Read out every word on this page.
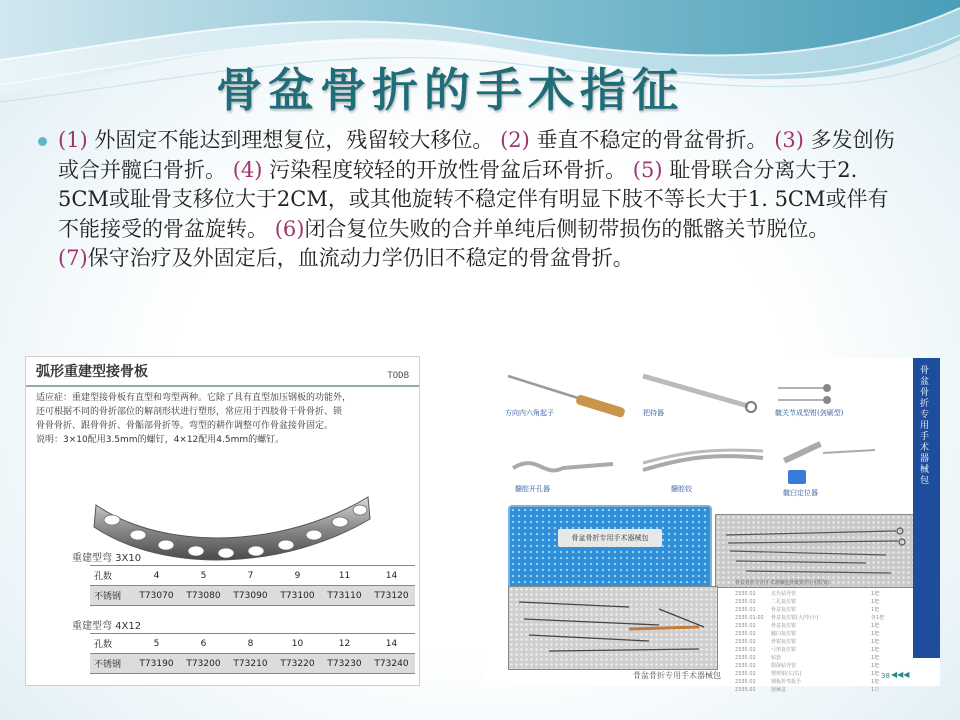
骨盆骨折的手术指征
(1) 外固定不能达到理想复位，残留较大移位。 (2) 垂直不稳定的骨盆骨折。 (3) 多发创伤或合并髋臼骨折。 (4) 污染程度较轻的开放性骨盆后环骨折。 (5) 耻骨联合分离大于2. 5CM或耻骨支移位大于2CM，或其他旋转不稳定伴有明显下肢不等长大于1. 5CM或伴有不能接受的骨盆旋转。 (6)闭合复位失败的合并单纯后侧韧带损伤的骶髂关节脱位。
(7)保守治疗及外固定后，血流动力学仍旧不稳定的骨盆骨折。
弧形重建型接骨板	TODB
适应症：重建型接骨板有直型和弯型两种。它除了具有直型加压钢板的功能外，
还可根据不同的骨折部位的解剖形状进行塑形，常应用于四肢骨干骨骨折、锁
骨骨骨折、跟骨骨折、骨骺部骨折等。弯型的耕作调整可作骨盆接骨固定。
说明：3×10配用3.5mm的螺钉，4×12配用4.5mm的螺钉。
重建型弯 3X10
孔数	4	5	7	9	11	14
不锈钢	T73070	T73080	T73090	T73100	T73110	T73120
重建型弯 4X12
孔数	5	6	8	10	12	14
不锈钢	T73190	T73200	T73210	T73220	T73230	T73240
方向内六角起子	把持器	髋关节成型钳(剑刷型)
髓腔开孔器	髓腔铰	髋臼定位器
骨盆骨折专用手术器械包
骨盆骨折专用手术器械包所配附件(可附加)：
2335.01	克氏钻导管	1把
2335.01	二孔复位钳	1把
2335.01	骨盆复位钳	1把
2335.01-02	骨盆复位钳(大/中/小)	各1把
2335.01	骨盆复位钳	1把
2335.01	髋臼复位钳	1把
2335.01	骨钳复位钳	1把
2335.01	弓形复位钳	1把
2335.01	钻套	1把
2335.01	限深钻导管	1把
2335.01	塑形钳(左/右)	1把
2335.01	钢板折弯扳手	1把
2335.01	器械盒	1只
骨盆骨折专用手术器械包
骨盆骨折专用手术器械包	38 ◀◀◀
